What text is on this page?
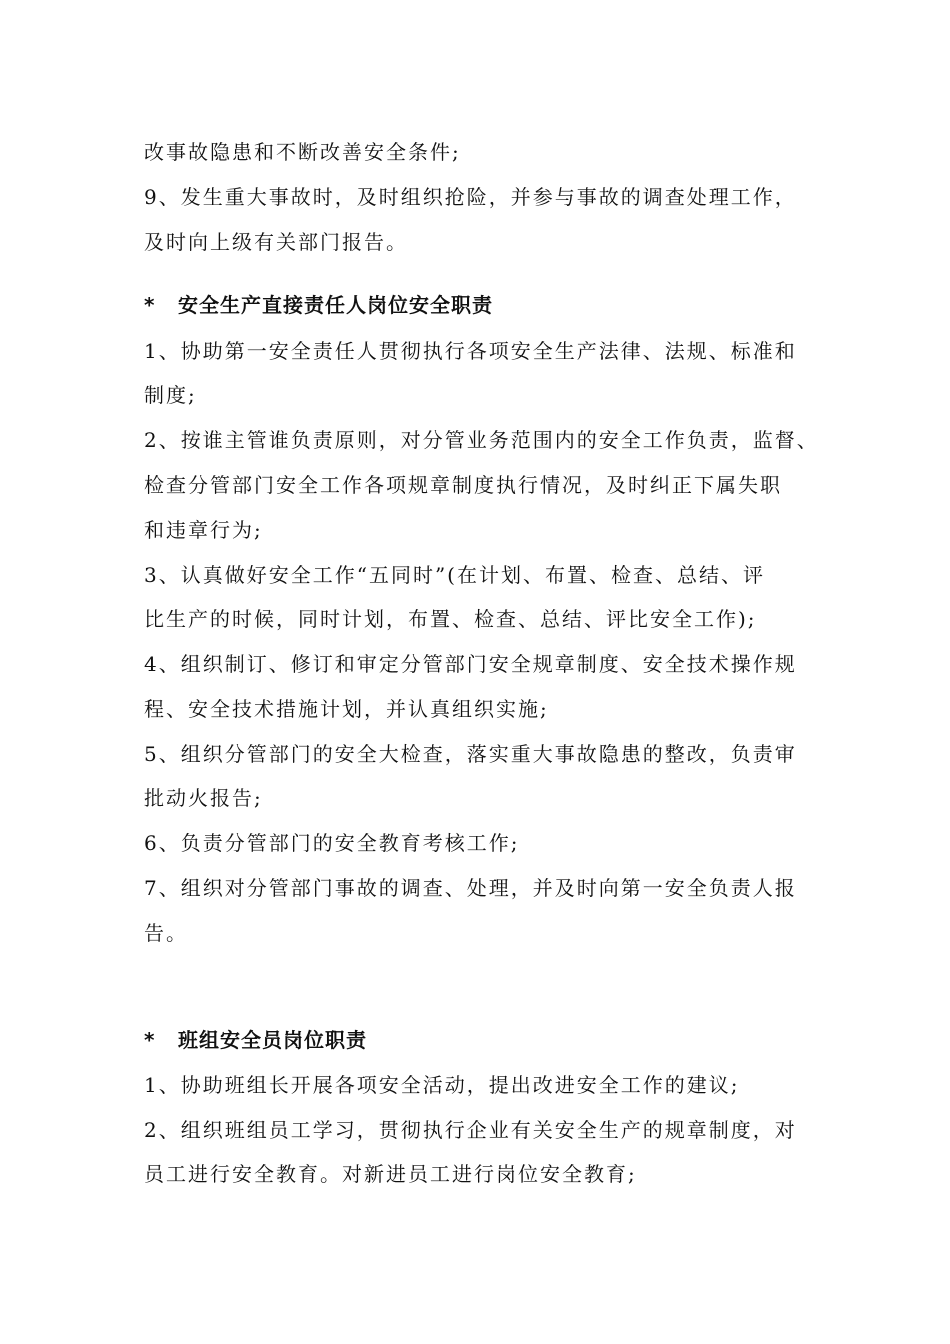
改事故隐患和不断改善安全条件;
9、发生重大事故时，及时组织抢险，并参与事故的调查处理工作，
及时向上级有关部门报告。
* 安全生产直接责任人岗位安全职责
1、协助第一安全责任人贯彻执行各项安全生产法律、法规、标准和
制度;
2、按谁主管谁负责原则，对分管业务范围内的安全工作负责，监督、
检查分管部门安全工作各项规章制度执行情况，及时纠正下属失职
和违章行为;
3、认真做好安全工作“五同时”(在计划、布置、检查、总结、评
比生产的时候，同时计划，布置、检查、总结、评比安全工作);
4、组织制订、修订和审定分管部门安全规章制度、安全技术操作规
程、安全技术措施计划，并认真组织实施;
5、组织分管部门的安全大检查，落实重大事故隐患的整改，负责审
批动火报告;
6、负责分管部门的安全教育考核工作;
7、组织对分管部门事故的调查、处理，并及时向第一安全负责人报
告。
* 班组安全员岗位职责
1、协助班组长开展各项安全活动，提出改进安全工作的建议;
2、组织班组员工学习，贯彻执行企业有关安全生产的规章制度，对
员工进行安全教育。对新进员工进行岗位安全教育;
